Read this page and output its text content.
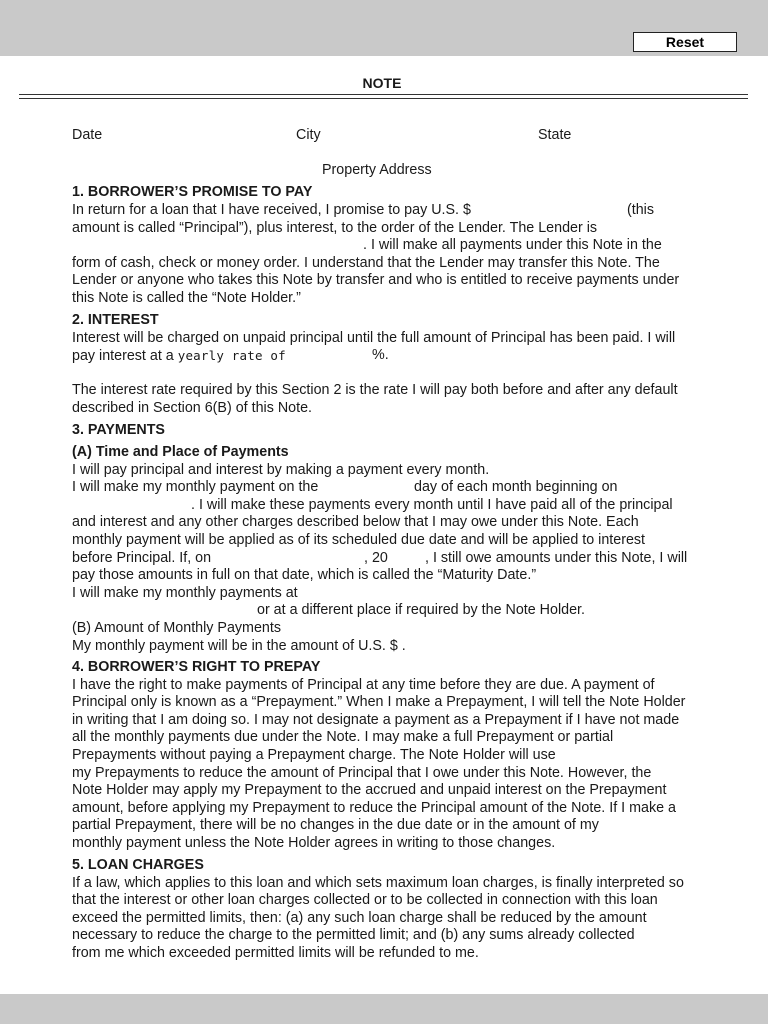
Reset
NOTE
Date	City	State
Property Address
1. BORROWER’S PROMISE TO PAY
In return for a loan that I have received, I promise to pay U.S. $	(this
amount is called “Principal”), plus interest, to the order of the Lender. The Lender is
. I will make all payments under this Note in the
form of cash, check or money order. I understand that the Lender may transfer this Note. The
Lender or anyone who takes this Note by transfer and who is entitled to receive payments under
this Note is called the “Note Holder.”
2. INTEREST
Interest will be charged on unpaid principal until the full amount of Principal has been paid. I will
pay interest at a yearly rate of	%.
The interest rate required by this Section 2 is the rate I will pay both before and after any default
described in Section 6(B) of this Note.
3. PAYMENTS
(A) Time and Place of Payments
I will pay principal and interest by making a payment every month.
I will make my monthly payment on the	day of each month beginning on
. I will make these payments every month until I have paid all of the principal
and interest and any other charges described below that I may owe under this Note. Each
monthly payment will be applied as of its scheduled due date and will be applied to interest
before Principal. If, on	, 20	, I still owe amounts under this Note, I will
pay those amounts in full on that date, which is called the “Maturity Date.”
I will make my monthly payments at
or at a different place if required by the Note Holder.
(B) Amount of Monthly Payments
My monthly payment will be in the amount of U.S. $ .
4. BORROWER’S RIGHT TO PREPAY
I have the right to make payments of Principal at any time before they are due. A payment of
Principal only is known as a “Prepayment.” When I make a Prepayment, I will tell the Note Holder
in writing that I am doing so. I may not designate a payment as a Prepayment if I have not made
all the monthly payments due under the Note. I may make a full Prepayment or partial
Prepayments without paying a Prepayment charge. The Note Holder will use
my Prepayments to reduce the amount of Principal that I owe under this Note. However, the
Note Holder may apply my Prepayment to the accrued and unpaid interest on the Prepayment
amount, before applying my Prepayment to reduce the Principal amount of the Note. If I make a
partial Prepayment, there will be no changes in the due date or in the amount of my
monthly payment unless the Note Holder agrees in writing to those changes.
5. LOAN CHARGES
If a law, which applies to this loan and which sets maximum loan charges, is finally interpreted so
that the interest or other loan charges collected or to be collected in connection with this loan
exceed the permitted limits, then: (a) any such loan charge shall be reduced by the amount
necessary to reduce the charge to the permitted limit; and (b) any sums already collected
from me which exceeded permitted limits will be refunded to me.
